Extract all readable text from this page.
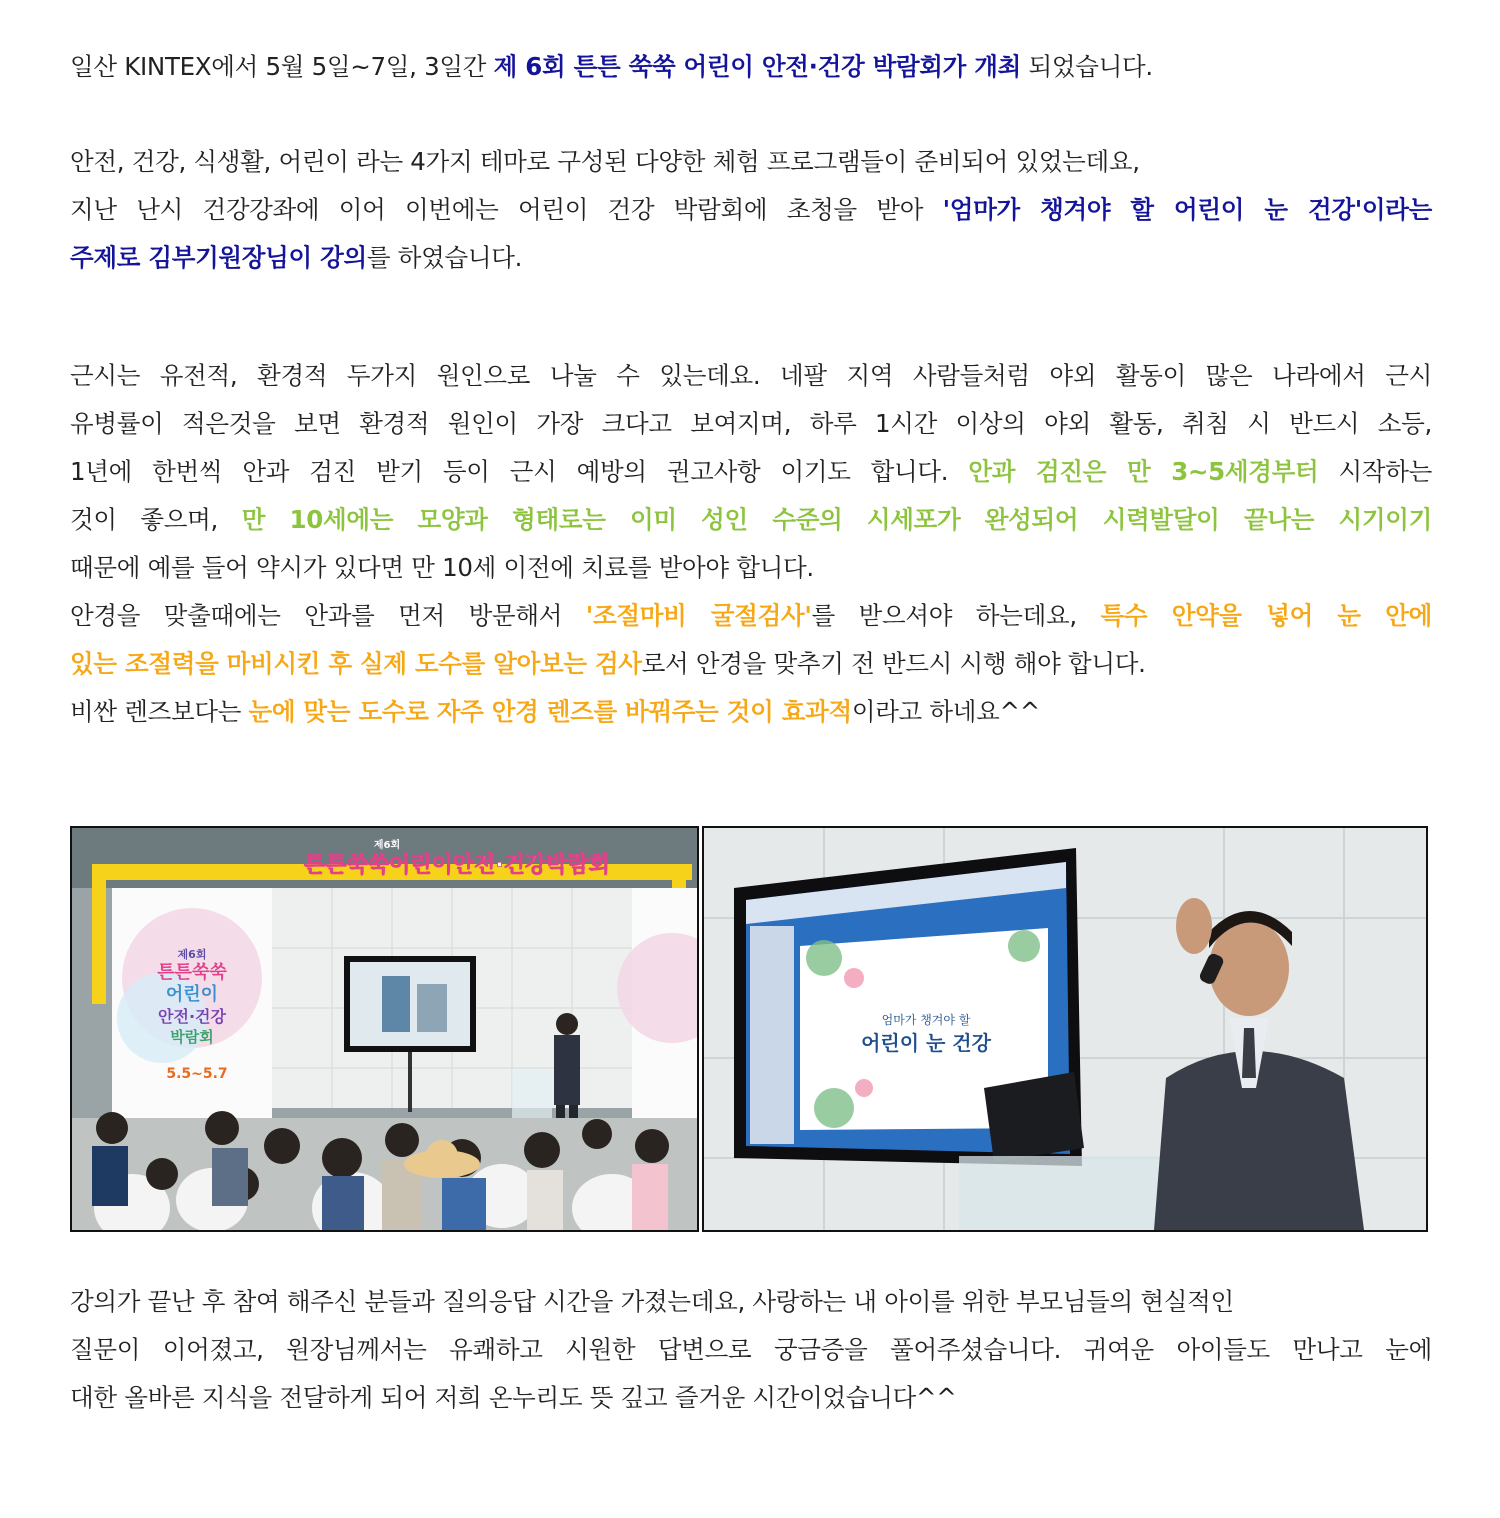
일산 KINTEX에서 5월 5일~7일, 3일간 제 6회 튼튼 쑥쑥 어린이 안전·건강 박람회가 개최 되었습니다.

안전, 건강, 식생활, 어린이 라는 4가지 테마로 구성된 다양한 체험 프로그램들이 준비되어 있었는데요,
지난 난시 건강강좌에 이어 이번에는 어린이 건강 박람회에 초청을 받아 '엄마가 챙겨야 할 어린이 눈 건강'이라는
주제로 김부기원장님이 강의를 하였습니다.

근시는 유전적, 환경적 두가지 원인으로 나눌 수 있는데요. 네팔 지역 사람들처럼 야외 활동이 많은 나라에서 근시
유병률이 적은것을 보면 환경적 원인이 가장 크다고 보여지며, 하루 1시간 이상의 야외 활동, 취침 시 반드시 소등,
1년에 한번씩 안과 검진 받기 등이 근시 예방의 권고사항 이기도 합니다. 안과 검진은 만 3~5세경부터 시작하는
것이 좋으며, 만 10세에는 모양과 형태로는 이미 성인 수준의 시세포가 완성되어 시력발달이 끝나는 시기이기
때문에 예를 들어 약시가 있다면 만 10세 이전에 치료를 받아야 합니다.
안경을 맞출때에는 안과를 먼저 방문해서 '조절마비 굴절검사'를 받으셔야 하는데요, 특수 안약을 넣어 눈 안에
있는 조절력을 마비시킨 후 실제 도수를 알아보는 검사로서 안경을 맞추기 전 반드시 시행 해야 합니다.
비싼 렌즈보다는 눈에 맞는 도수로 자주 안경 렌즈를 바꿔주는 것이 효과적이라고 하네요^^

제6회
튼튼쑥쑥
어린이
안전·건강
박람회
5.5~5.7
제6회
튼튼쑥쑥어린이안전·건강박람회
엄마가 챙겨야 할
어린이 눈 건강

강의가 끝난 후 참여 해주신 분들과 질의응답 시간을 가졌는데요, 사랑하는 내 아이를 위한 부모님들의 현실적인
질문이 이어졌고, 원장님께서는 유쾌하고 시원한 답변으로 궁금증을 풀어주셨습니다. 귀여운 아이들도 만나고 눈에
대한 올바른 지식을 전달하게 되어 저희 온누리도 뜻 깊고 즐거운 시간이었습니다^^
